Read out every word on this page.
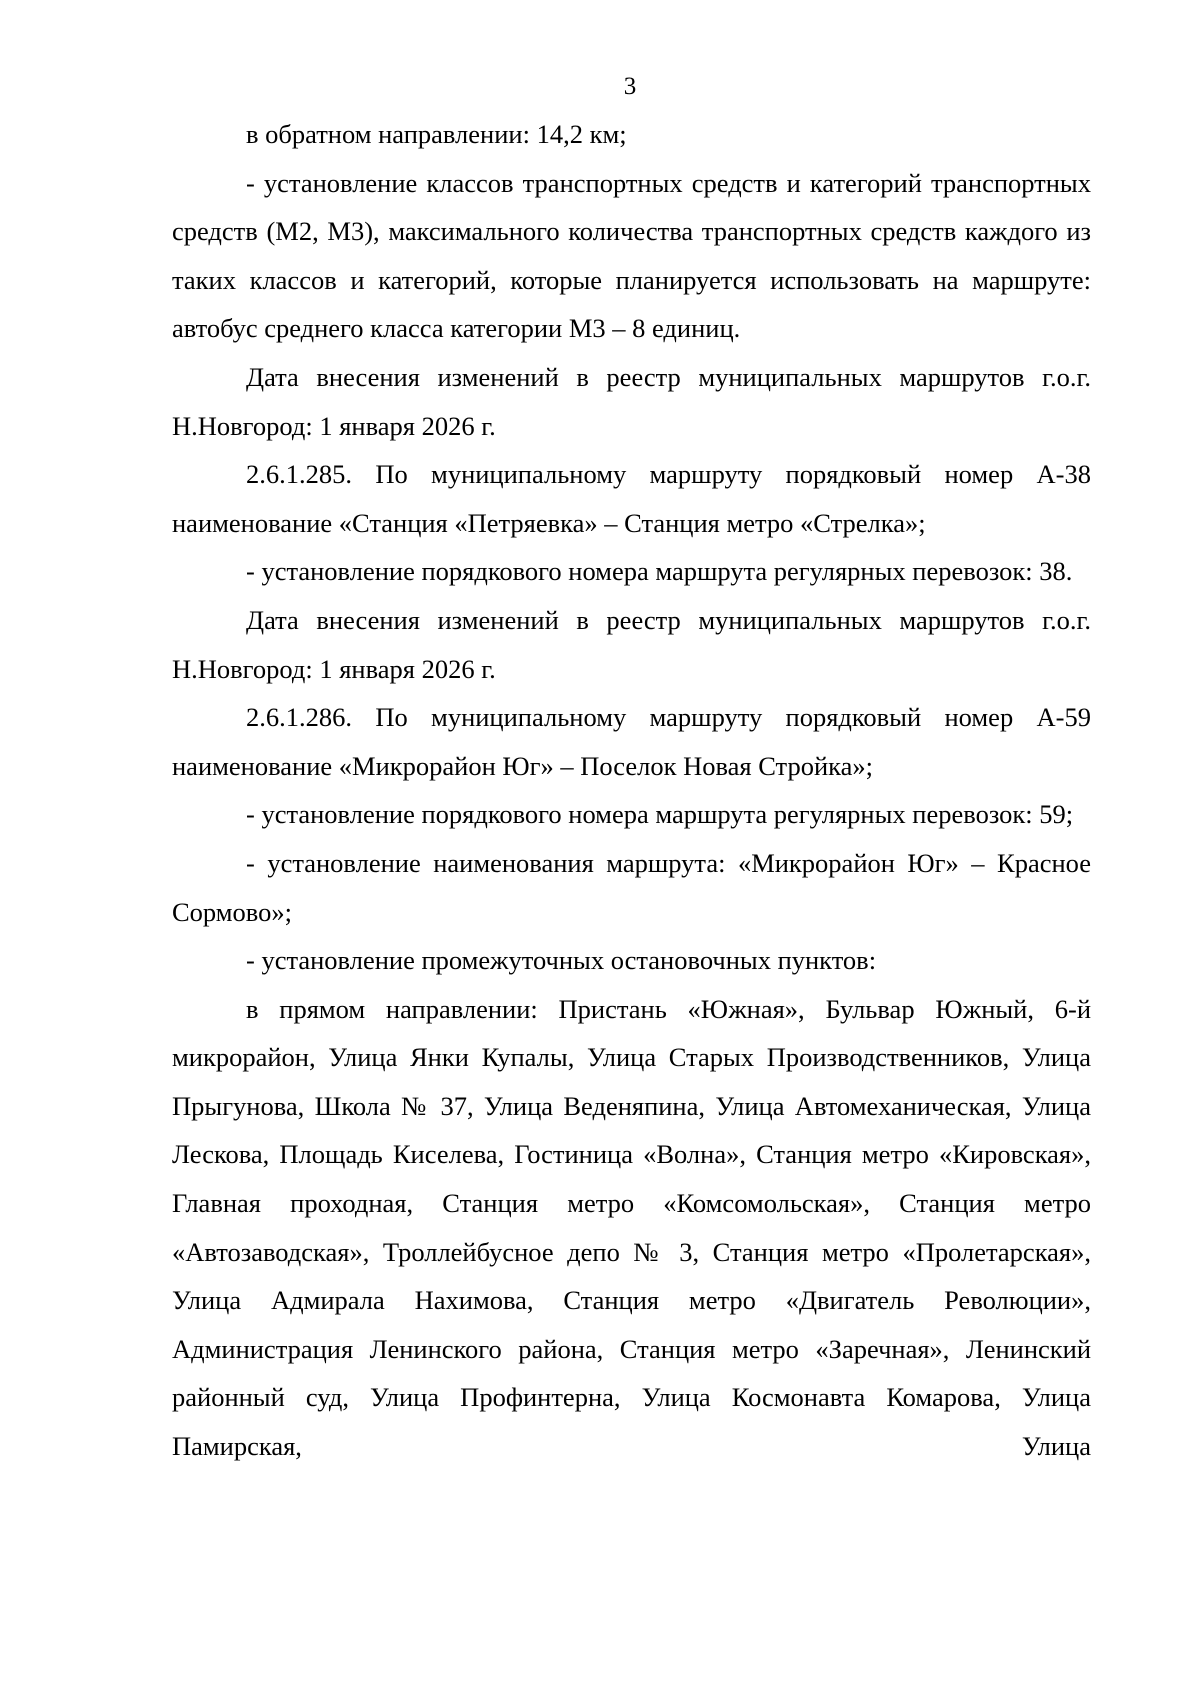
3

в обратном направлении: 14,2 км;

- установление классов транспортных средств и категорий транспортных средств (М2, М3), максимального количества транспортных средств каждого из таких классов и категорий, которые планируется использовать на маршруте: автобус среднего класса категории М3 – 8 единиц.

Дата внесения изменений в реестр муниципальных маршрутов г.о.г. Н.Новгород: 1 января 2026 г.

2.6.1.285. По муниципальному маршруту порядковый номер А-38 наименование «Станция «Петряевка» – Станция метро «Стрелка»;

- установление порядкового номера маршрута регулярных перевозок: 38.

Дата внесения изменений в реестр муниципальных маршрутов г.о.г. Н.Новгород: 1 января 2026 г.

2.6.1.286. По муниципальному маршруту порядковый номер А-59 наименование «Микрорайон Юг» – Поселок Новая Стройка»;

- установление порядкового номера маршрута регулярных перевозок: 59;

- установление наименования маршрута: «Микрорайон Юг» – Красное Сормово»;

- установление промежуточных остановочных пунктов:

в прямом направлении: Пристань «Южная», Бульвар Южный, 6-й микрорайон, Улица Янки Купалы, Улица Старых Производственников, Улица Прыгунова, Школа № 37, Улица Веденяпина, Улица Автомеханическая, Улица Лескова, Площадь Киселева, Гостиница «Волна», Станция метро «Кировская», Главная проходная, Станция метро «Комсомольская», Станция метро «Автозаводская», Троллейбусное депо № 3, Станция метро «Пролетарская», Улица Адмирала Нахимова, Станция метро «Двигатель Революции», Администрация Ленинского района, Станция метро «Заречная», Ленинский районный суд, Улица Профинтерна, Улица Космонавта Комарова, Улица Памирская, Улица
